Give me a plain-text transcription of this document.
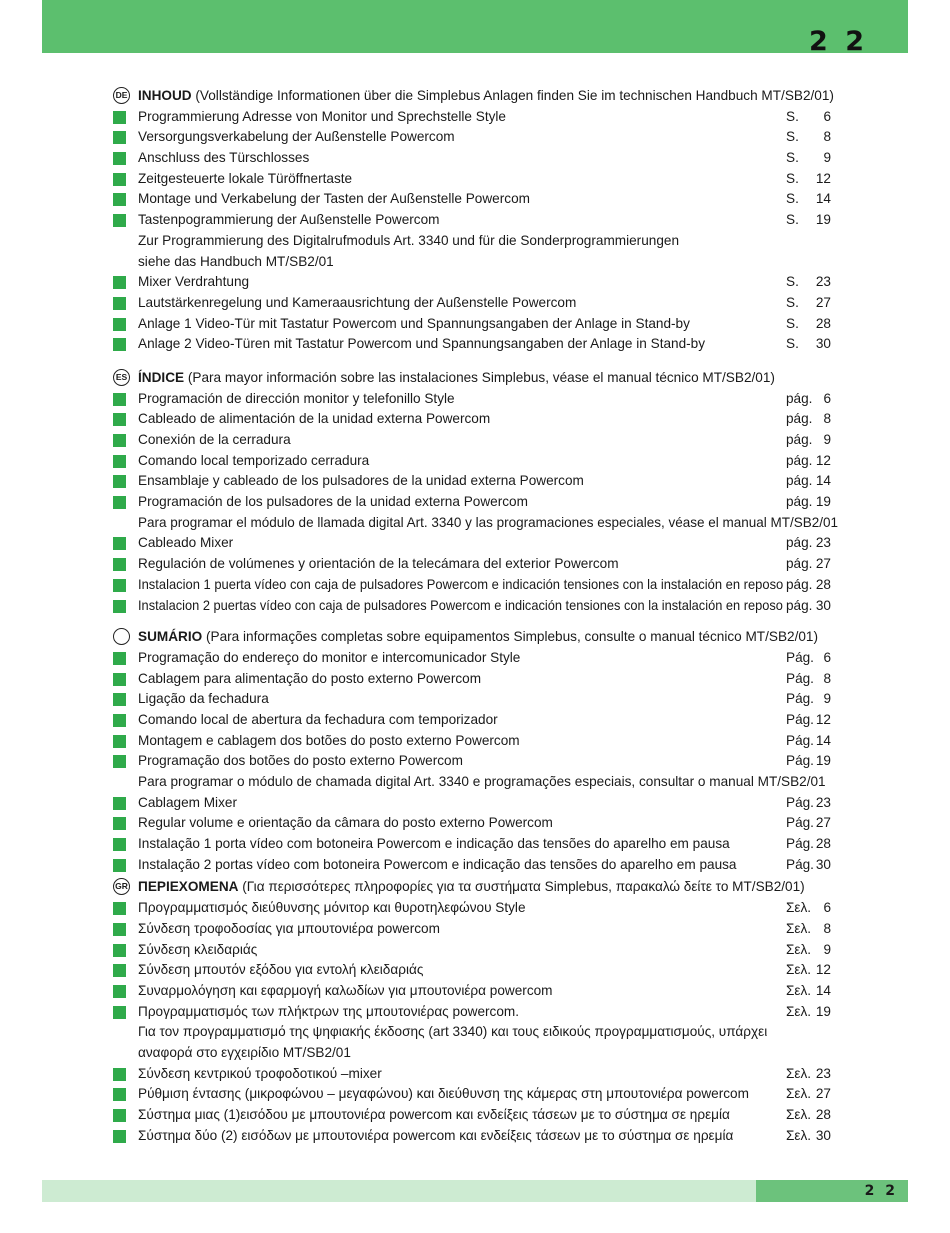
2 2
DE INHOUD (Vollständige Informationen über die Simplebus Anlagen finden Sie im technischen Handbuch MT/SB2/01)
Programmierung Adresse von Monitor und Sprechstelle Style	S. 6
Versorgungsverkabelung der Außenstelle Powercom	S. 8
Anschluss des Türschlosses	S. 9
Zeitgesteuerte lokale Türöffnertaste	S. 12
Montage und Verkabelung der Tasten der Außenstelle Powercom	S. 14
Tastenpogrammierung der Außenstelle Powercom	S. 19
Zur Programmierung des Digitalrufmoduls Art. 3340 und für die Sonderprogrammierungen
siehe das Handbuch MT/SB2/01
Mixer Verdrahtung	S. 23
Lautstärkenregelung und Kameraausrichtung der Außenstelle Powercom	S. 27
Anlage 1 Video-Tür mit Tastatur Powercom und Spannungsangaben der Anlage in Stand-by	S. 28
Anlage 2 Video-Türen mit Tastatur Powercom und Spannungsangaben der Anlage in Stand-by	S. 30
ES ÍNDICE (Para mayor información sobre las instalaciones Simplebus, véase el manual técnico MT/SB2/01)
Programación de dirección monitor y telefonillo Style	pág. 6
Cableado de alimentación de la unidad externa Powercom	pág. 8
Conexión de la cerradura	pág. 9
Comando local temporizado cerradura	pág. 12
Ensamblaje y cableado de los pulsadores de la unidad externa Powercom	pág. 14
Programación de los pulsadores de la unidad externa Powercom	pág. 19
Para programar el módulo de llamada digital Art. 3340 y las programaciones especiales, véase el manual MT/SB2/01
Cableado Mixer	pág. 23
Regulación de volúmenes y orientación de la telecámara del exterior Powercom	pág. 27
Instalacion 1 puerta vídeo con caja de pulsadores Powercom e indicación tensiones con la instalación en reposo pág. 28
Instalacion 2 puertas vídeo con caja de pulsadores Powercom e indicación tensiones con la instalación en reposo pág. 30
SUMÁRIO (Para informações completas sobre equipamentos Simplebus, consulte o manual técnico MT/SB2/01)
Programação do endereço do monitor e intercomunicador Style	Pág. 6
Cablagem para alimentação do posto externo Powercom	Pág. 8
Ligação da fechadura	Pág. 9
Comando local de abertura da fechadura com temporizador	Pág. 12
Montagem e cablagem dos botões do posto externo Powercom	Pág. 14
Programação dos botões do posto externo Powercom	Pág. 19
Para programar o módulo de chamada digital Art. 3340 e programações especiais, consultar o manual MT/SB2/01
Cablagem Mixer	Pág. 23
Regular volume e orientação da câmara do posto externo Powercom	Pág. 27
Instalação 1 porta vídeo com botoneira Powercom e indicação das tensões do aparelho em pausa	Pág. 28
Instalação 2 portas vídeo com botoneira Powercom e indicação das tensões do aparelho em pausa	Pág. 30
GR ΠΕΡΙΕΧΟΜΕΝΑ (Για περισσότερες πληροφορίες για τα συστήματα Simplebus, παρακαλώ δείτε το MT/SB2/01)
Προγραμματισμός διεύθυνσης μόνιτορ και θυροτηλεφώνου Style	Σελ. 6
Σύνδεση τροφοδοσίας για μπουτονιέρα powercom	Σελ. 8
Σύνδεση κλειδαριάς	Σελ. 9
Σύνδεση μπουτόν εξόδου για εντολή κλειδαριάς	Σελ. 12
Συναρμολόγηση και εφαρμογή καλωδίων για μπουτονιέρα powercom	Σελ. 14
Προγραμματισμός των πλήκτρων της μπουτονιέρας powercom.	Σελ. 19
Για τον προγραμματισμό της ψηφιακής έκδοσης (art 3340) και τους ειδικούς προγραμματισμούς, υπάρχει
αναφορά στο εγχειρίδιο MT/SB2/01
Σύνδεση κεντρικού τροφοδοτικού –mixer	Σελ. 23
Ρύθμιση έντασης (μικροφώνου – μεγαφώνου) και διεύθυνση της κάμερας στη μπουτονιέρα powercom	Σελ. 27
Σύστημα μιας (1)εισόδου με μπουτονιέρα powercom και ενδείξεις τάσεων με το σύστημα σε ηρεμία	Σελ. 28
Σύστημα δύο (2) εισόδων με μπουτονιέρα powercom και ενδείξεις τάσεων με το σύστημα σε ηρεμία	Σελ. 30
2 2
